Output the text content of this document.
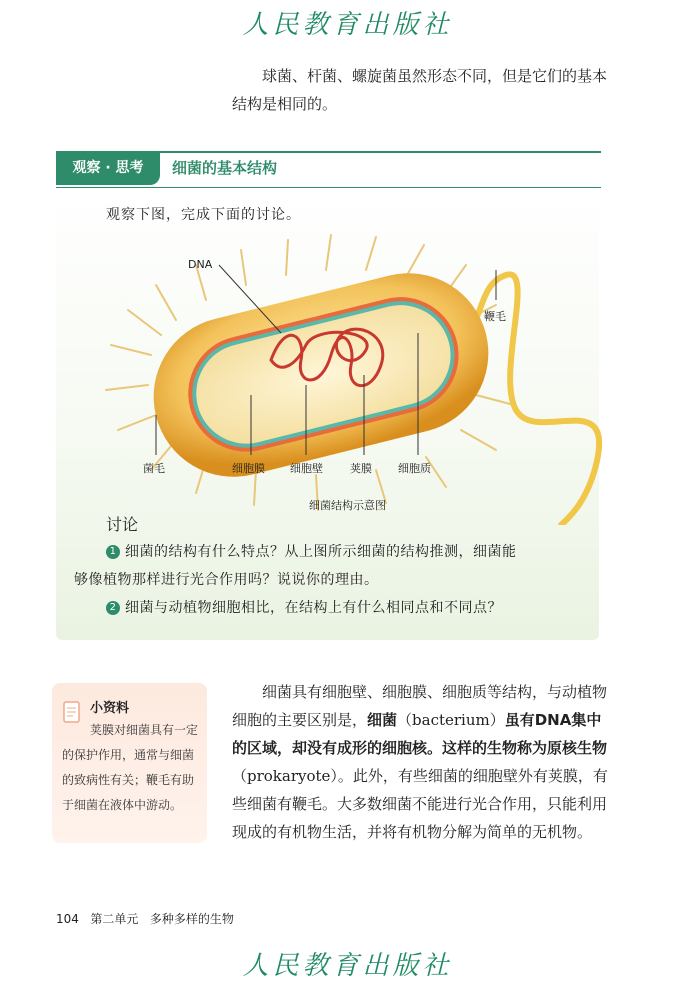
人民教育出版社
球菌、杆菌、螺旋菌虽然形态不同，但是它们的基本结构是相同的。
观察 · 思考	细菌的基本结构
观察下图，完成下面的讨论。
DNA
鞭毛
菌毛	细胞膜 细胞壁 荚膜 细胞质
细菌结构示意图
讨论
1 细菌的结构有什么特点？从上图所示细菌的结构推测，细菌能
够像植物那样进行光合作用吗？说说你的理由。
2 细菌与动植物细胞相比，在结构上有什么相同点和不同点？
小资料
荚膜对细菌具有一定的保护作用，通常与细菌的致病性有关；鞭毛有助于细菌在液体中游动。
细菌具有细胞壁、细胞膜、细胞质等结构，与动植物细胞的主要区别是，细菌（bacterium）虽有DNA集中的区域，却没有成形的细胞核。这样的生物称为原核生物（prokaryote）。此外，有些细菌的细胞壁外有荚膜，有些细菌有鞭毛。大多数细菌不能进行光合作用，只能利用现成的有机物生活，并将有机物分解为简单的无机物。
104 第二单元 多种多样的生物
人民教育出版社
